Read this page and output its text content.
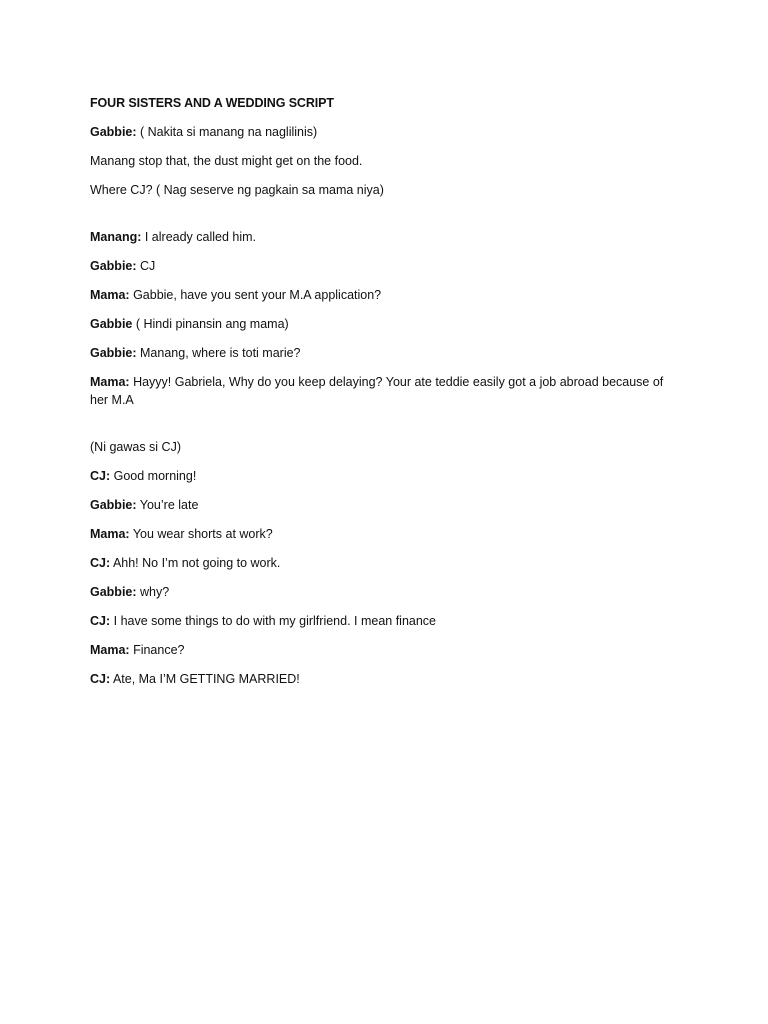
FOUR SISTERS AND A WEDDING SCRIPT

Gabbie: ( Nakita si manang na naglilinis)

Manang stop that, the dust might get on the food.

Where CJ? ( Nag seserve ng pagkain sa mama niya)

Manang: I already called him.

Gabbie: CJ

Mama: Gabbie, have you sent your M.A application?

Gabbie ( Hindi pinansin ang mama)

Gabbie: Manang, where is toti marie?

Mama: Hayyy! Gabriela, Why do you keep delaying? Your ate teddie easily got a job abroad because of her M.A

(Ni gawas si CJ)

CJ: Good morning!

Gabbie: You’re late

Mama: You wear shorts at work?

CJ: Ahh! No I’m not going to work.

Gabbie: why?

CJ: I have some things to do with my girlfriend. I mean finance

Mama: Finance?

CJ: Ate, Ma I’M GETTING MARRIED!
